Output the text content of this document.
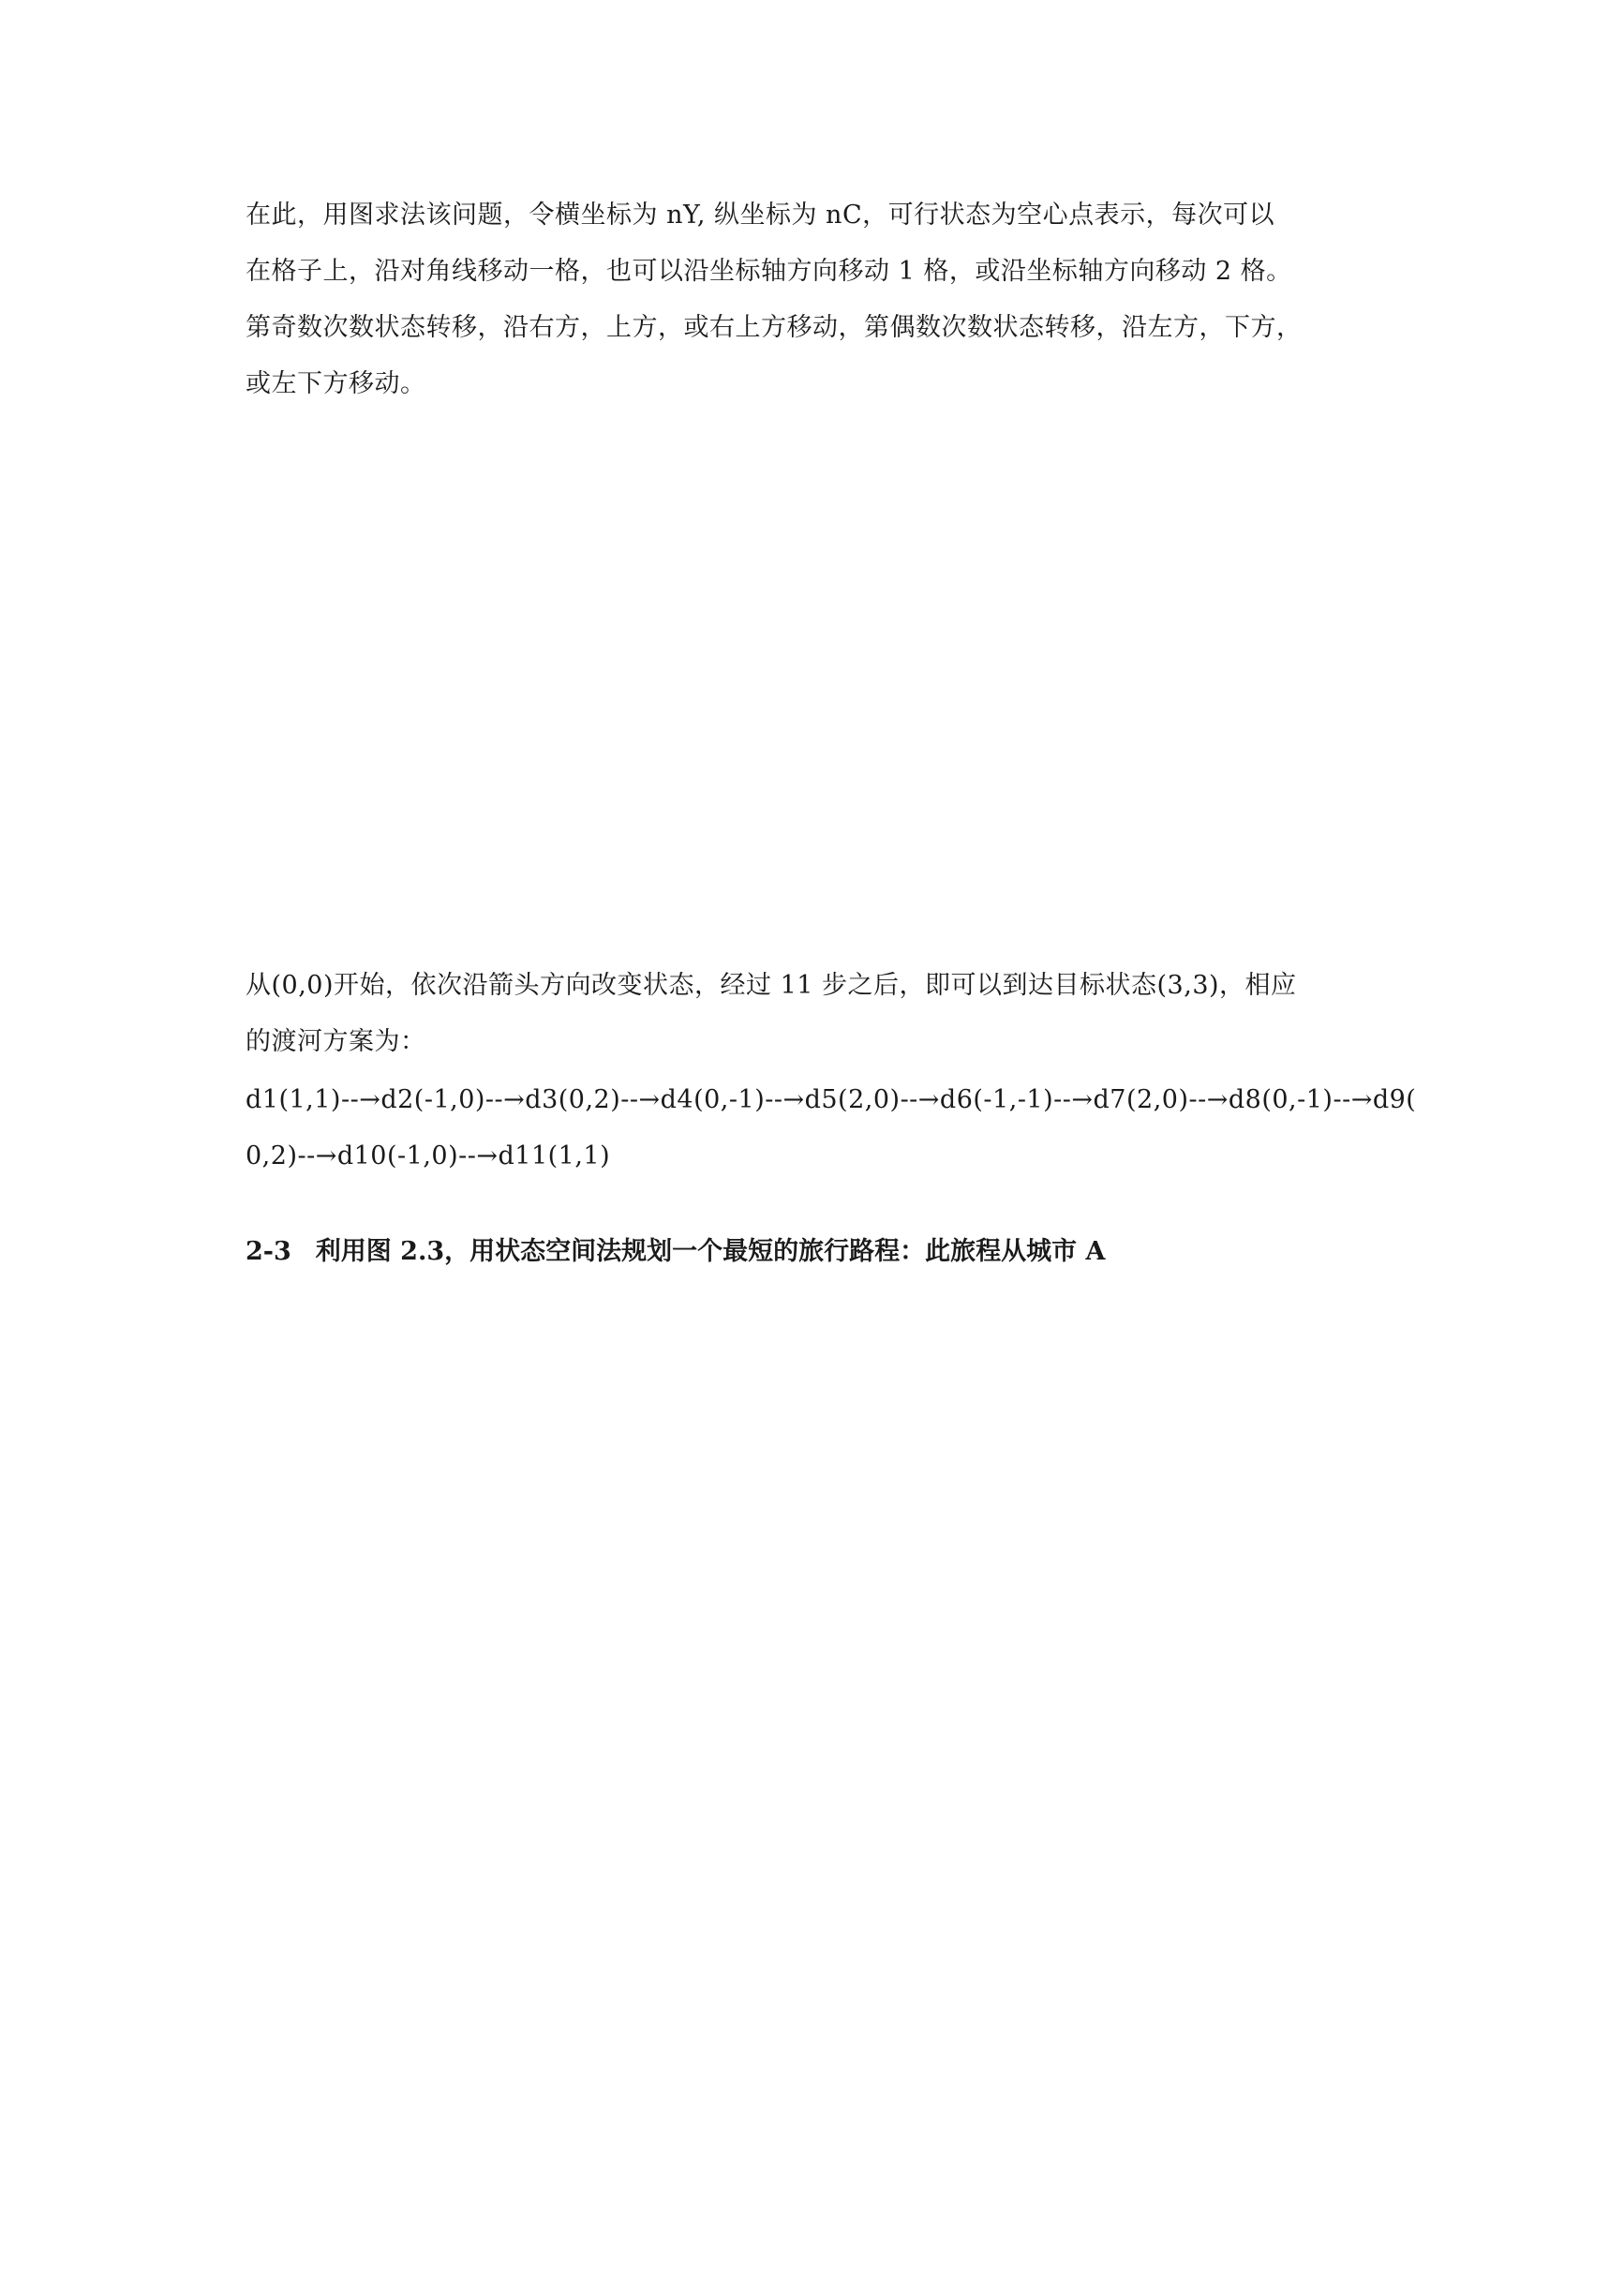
在此，用图求法该问题，令横坐标为 nY, 纵坐标为 nC，可行状态为空心点表示，每次可以
在格子上，沿对角线移动一格，也可以沿坐标轴方向移动 1 格，或沿坐标轴方向移动 2 格。
第奇数次数状态转移，沿右方，上方，或右上方移动，第偶数次数状态转移，沿左方，下方，
或左下方移动。
从(0,0)开始，依次沿箭头方向改变状态，经过 11 步之后，即可以到达目标状态(3,3)，相应
的渡河方案为：
d1(1,1)--→d2(-1,0)--→d3(0,2)--→d4(0,-1)--→d5(2,0)--→d6(-1,-1)--→d7(2,0)--→d8(0,-1)--→d9(
0,2)--→d10(-1,0)--→d11(1,1)
2-3 利用图 2.3，用状态空间法规划一个最短的旅行路程：此旅程从城市 A
